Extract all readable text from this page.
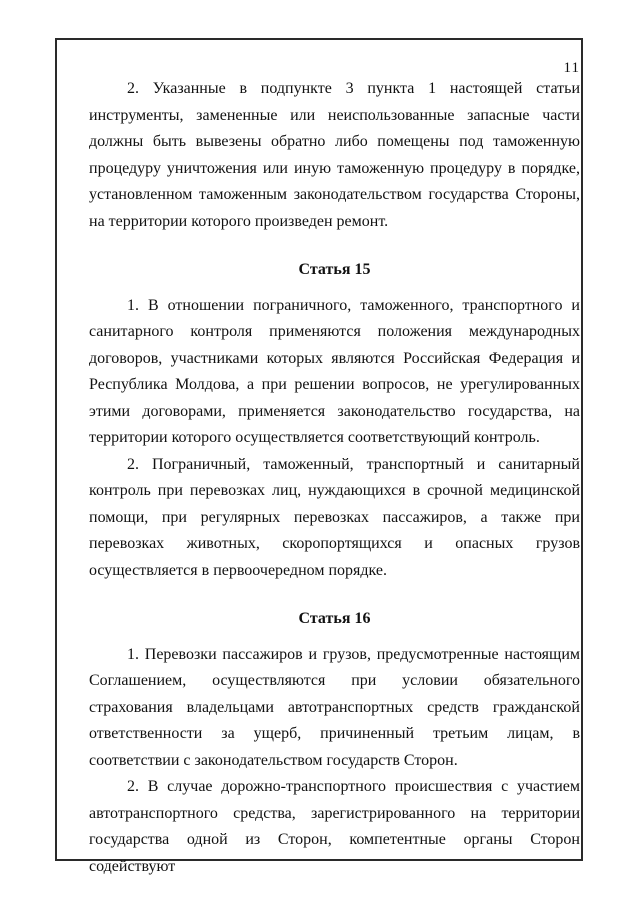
11

2. Указанные в подпункте 3 пункта 1 настоящей статьи инструменты, замененные или неиспользованные запасные части должны быть вывезены обратно либо помещены под таможенную процедуру уничтожения или иную таможенную процедуру в порядке, установленном таможенным законодательством государства Стороны, на территории которого произведен ремонт.

Статья 15

1. В отношении пограничного, таможенного, транспортного и санитарного контроля применяются положения международных договоров, участниками которых являются Российская Федерация и Республика Молдова, а при решении вопросов, не урегулированных этими договорами, применяется законодательство государства, на территории которого осуществляется соответствующий контроль.

2. Пограничный, таможенный, транспортный и санитарный контроль при перевозках лиц, нуждающихся в срочной медицинской помощи, при регулярных перевозках пассажиров, а также при перевозках животных, скоропортящихся и опасных грузов осуществляется в первоочередном порядке.

Статья 16

1. Перевозки пассажиров и грузов, предусмотренные настоящим Соглашением, осуществляются при условии обязательного страхования владельцами автотранспортных средств гражданской ответственности за ущерб, причиненный третьим лицам, в соответствии с законодательством государств Сторон.

2. В случае дорожно-транспортного происшествия с участием автотранспортного средства, зарегистрированного на территории государства одной из Сторон, компетентные органы Сторон содействуют
